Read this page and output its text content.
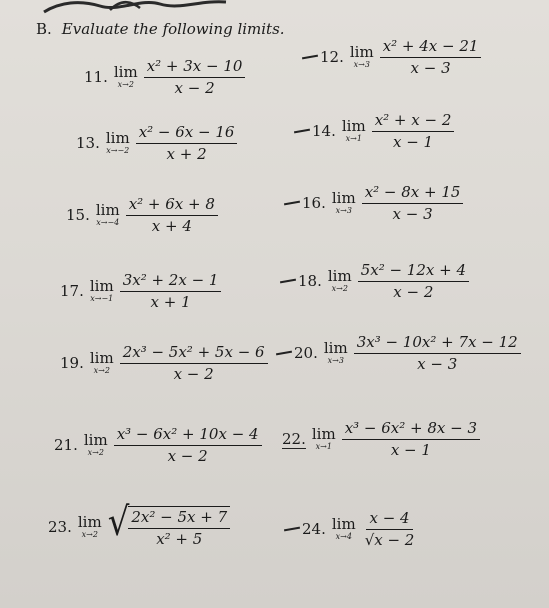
B. Evaluate the following limits.
11. lim
$x\to 2 \frac{\text{x² + 3x − 10}}{x - 2}$
12. lim
$x\to 3 \frac{\text{x² + 4x − 21}}{x - 3}$
13. lim
$x\to-2 \frac{\text{x² − 6x − 16}}{x + 2}$	14. lim
$x\to 1 \frac{\text{x² + x − 2}}{x - 1}$
15. lim
$x\to-4 \frac{\text{x² + 6x + 8}}{x + 4}$	16. lim
$x\to 3 \frac{\text{x² − 8x + 15}}{x - 3}$
17. lim
$x\to-1 \frac{\text{3x² + 2x − 1}}{x + 1}$	18. lim
$x\to 2 \frac{\text{5x² − 12x + 4}}{x - 2}$
19. lim
$x\to 2 \frac{\text{2x³ − 5x² + 5x − 6}}{x - 2} 20$. lim
$x\to 3 \frac{\text{3x³ − 10x² + 7x − 12}}{x - 3}$
21. lim
$x\to 2 \frac{\text{x³ − 6x² + 10x − 4}}{x - 2} 22$. lim
$x\to 1 \frac{\text{x³ − 6x² + 8x − 3}}{x - 1}$
23. lim
x→2 √ $\frac{\text{2x² − 5x + 7}}{\text{x² + 5}}$	24. lim
$x\to 4 \frac{x - 4}{√x - 2}$
